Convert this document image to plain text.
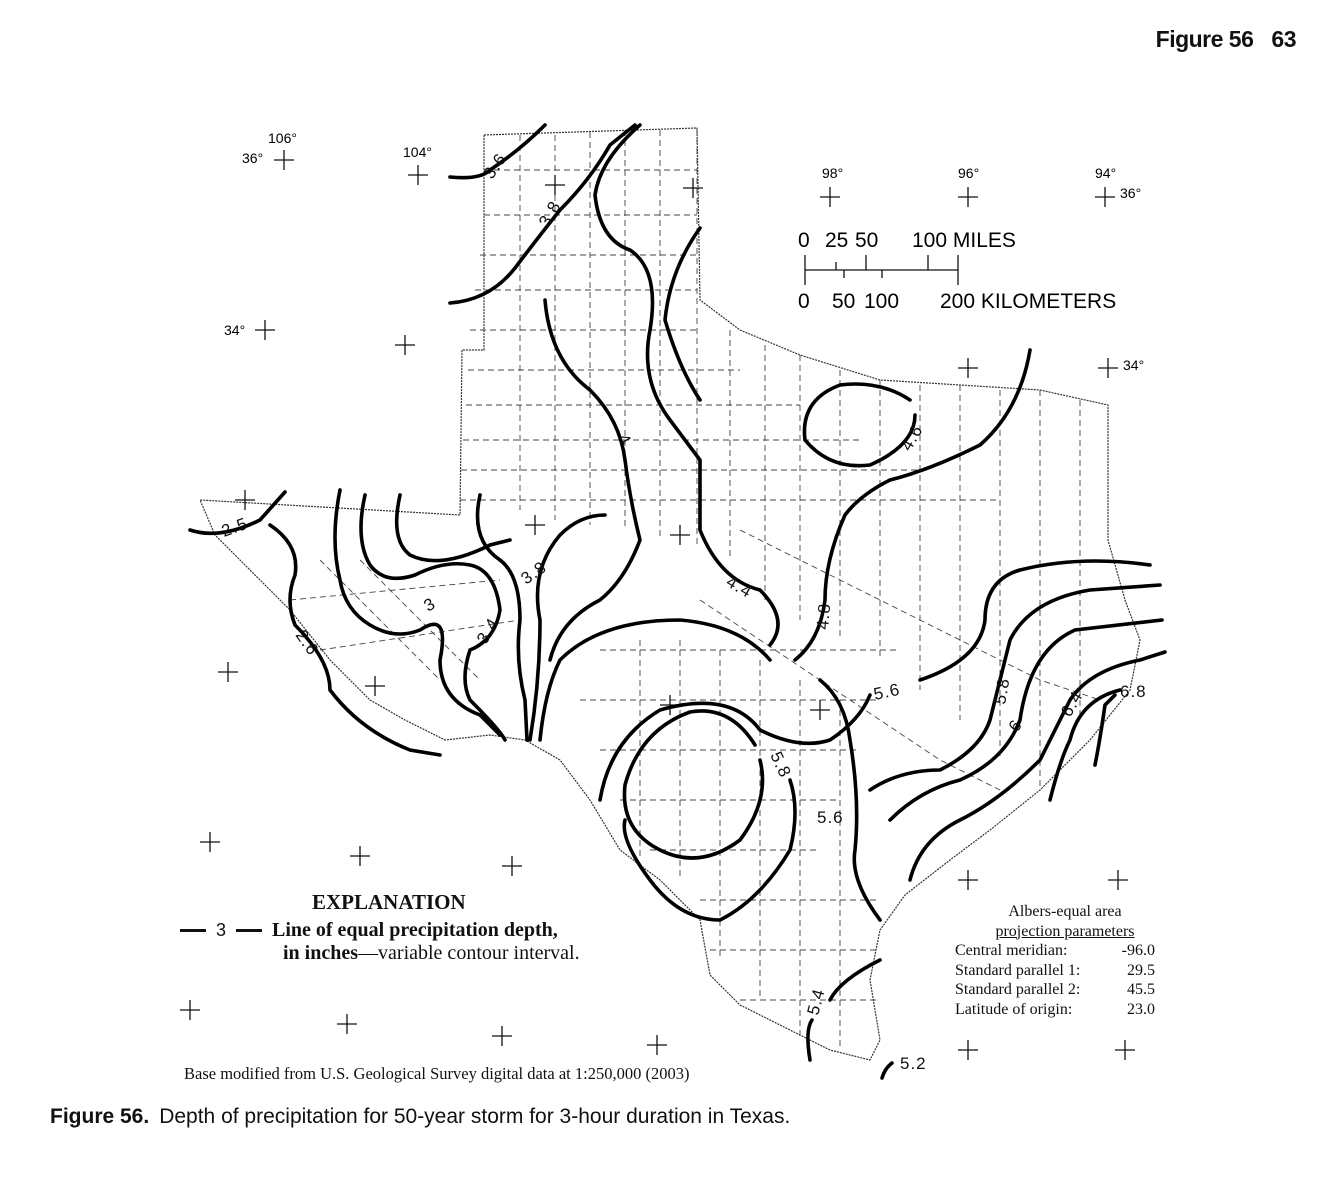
Figure 56 63
106°
36°	104°
98°	96°	94°
36°
34°
34°
0 25 50 100 MILES
0 50 100 200 KILOMETERS
3.6
3.8
4
2.5
3.8
3
3.4
2.6
4.4
4.6
4.8
5.6
5.8
5.6
5.8
6
6.4 6.8
5.4
5.2
EXPLANATION
3 Line of equal precipitation depth,
in inches—variable contour interval.
Albers-equal area
projection parameters
Central meridian:	-96.0
Standard parallel 1:	29.5
Standard parallel 2:	45.5
Latitude of origin:	23.0
Base modified from U.S. Geological Survey digital data at 1:250,000 (2003)
Figure 56. Depth of precipitation for 50-year storm for 3-hour duration in Texas.
